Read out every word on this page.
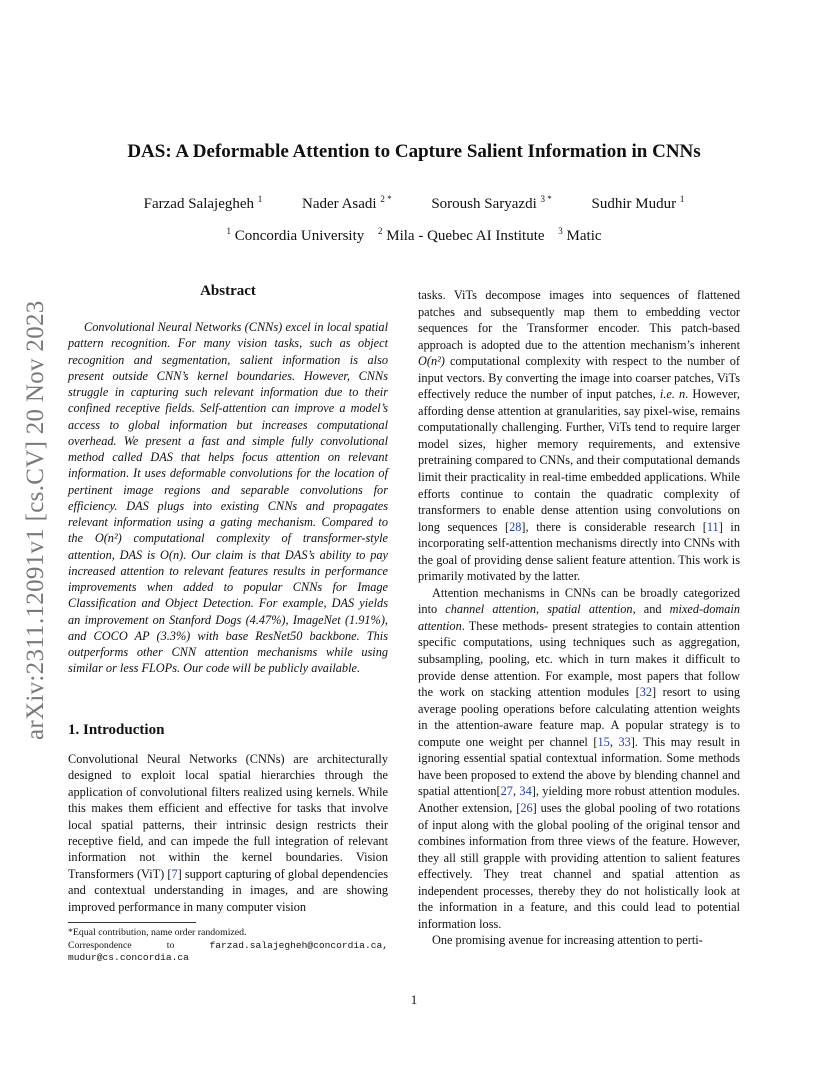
arXiv:2311.12091v1 [cs.CV] 20 Nov 2023
DAS: A Deformable Attention to Capture Salient Information in CNNs
Farzad Salajegheh $^1$	Nader Asadi $^{2 *}$	Soroush Saryazdi $^{3 *}$	Sudhir Mudur $^1$
$^1$ Concordia University $^2$ Mila - Quebec AI Institute $^3$ Matic
Abstract
Convolutional Neural Networks (CNNs) excel in local spatial pattern recognition. For many vision tasks, such as object recognition and segmentation, salient information is also present outside CNN’s kernel boundaries. However, CNNs struggle in capturing such relevant information due to their confined receptive fields. Self-attention can improve a model’s access to global information but increases computational overhead. We present a fast and simple fully convolutional method called DAS that helps focus attention on relevant information. It uses deformable convolutions for the location of pertinent image regions and separable convolutions for efficiency. DAS plugs into existing CNNs and propagates relevant information using a gating mechanism. Compared to the O(n²) computational complexity of transformer-style attention, DAS is O(n). Our claim is that DAS’s ability to pay increased attention to relevant features results in performance improvements when added to popular CNNs for Image Classification and Object Detection. For example, DAS yields an improvement on Stanford Dogs (4.47%), ImageNet (1.91%), and COCO AP (3.3%) with base ResNet50 backbone. This outperforms other CNN attention mechanisms while using similar or less FLOPs. Our code will be publicly available.
1. Introduction
Convolutional Neural Networks (CNNs) are architecturally designed to exploit local spatial hierarchies through the application of convolutional filters realized using kernels. While this makes them efficient and effective for tasks that involve local spatial patterns, their intrinsic design restricts their receptive field, and can impede the full integration of relevant information not within the kernel boundaries. Vision Transformers (ViT) [7] support capturing of global dependencies and contextual understanding in images, and are showing improved performance in many computer vision
*Equal contribution, name order randomized.
Correspondence	to	farzad.salajegheh@concordia.ca,
mudur@cs.concordia.ca

tasks. ViTs decompose images into sequences of flattened patches and subsequently map them to embedding vector sequences for the Transformer encoder. This patch-based approach is adopted due to the attention mechanism’s inherent O(n²) computational complexity with respect to the number of input vectors. By converting the image into coarser patches, ViTs effectively reduce the number of input patches, i.e. n. However, affording dense attention at granularities, say pixel-wise, remains computationally challenging. Further, ViTs tend to require larger model sizes, higher memory requirements, and extensive pretraining compared to CNNs, and their computational demands limit their practicality in real-time embedded applications. While efforts continue to contain the quadratic complexity of transformers to enable dense attention using convolutions on long sequences [28], there is considerable research [11] in incorporating self-attention mechanisms directly into CNNs with the goal of providing dense salient feature attention. This work is primarily motivated by the latter.

Attention mechanisms in CNNs can be broadly categorized into channel attention, spatial attention, and mixed-domain attention. These methods- present strategies to contain attention specific computations, using techniques such as aggregation, subsampling, pooling, etc. which in turn makes it difficult to provide dense attention. For example, most papers that follow the work on stacking attention modules [32] resort to using average pooling operations before calculating attention weights in the attention-aware feature map. A popular strategy is to compute one weight per channel [15, 33]. This may result in ignoring essential spatial contextual information. Some methods have been proposed to extend the above by blending channel and spatial attention[27, 34], yielding more robust attention modules. Another extension, [26] uses the global pooling of two rotations of input along with the global pooling of the original tensor and combines information from three views of the feature. However, they all still grapple with providing attention to salient features effectively. They treat channel and spatial attention as independent processes, thereby they do not holistically look at the information in a feature, and this could lead to potential information loss.

One promising avenue for increasing attention to perti-

1
